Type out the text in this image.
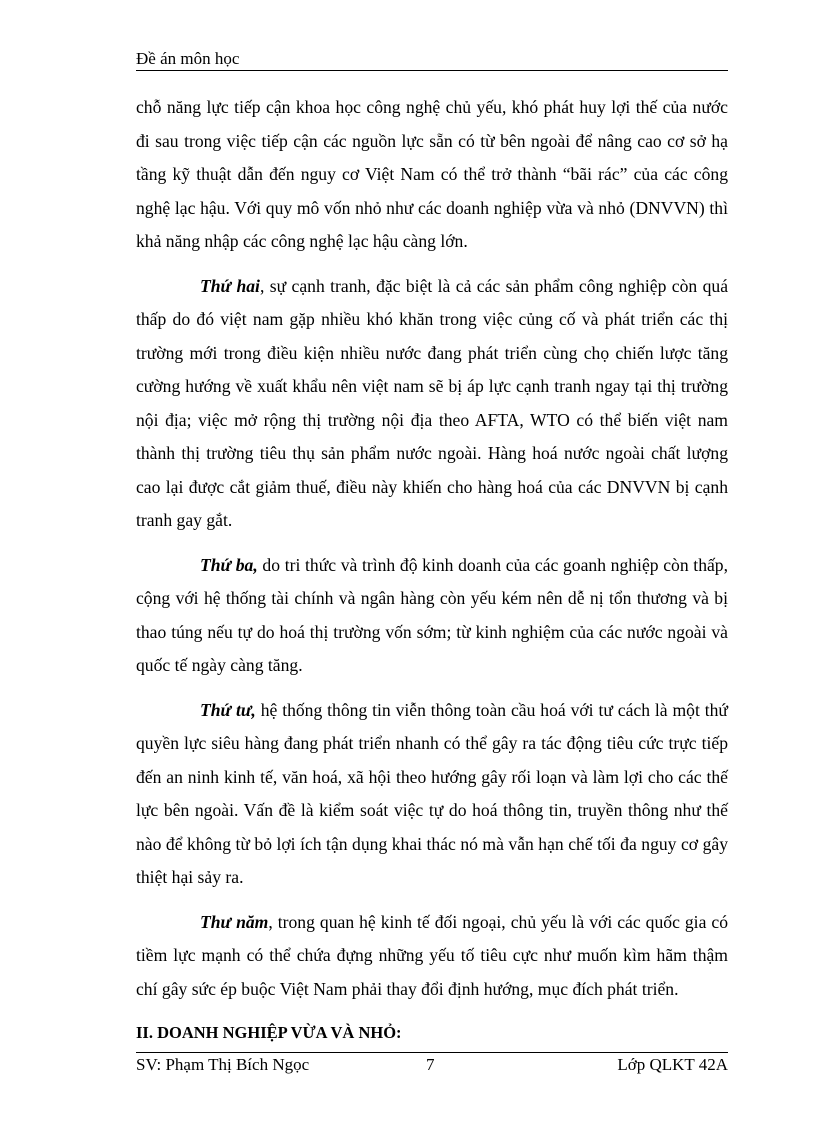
Đề án môn học

chỗ năng lực tiếp cận khoa học công nghệ chủ yếu, khó phát huy lợi thế của nước đi sau trong việc tiếp cận các nguồn lực sẵn có từ bên ngoài để nâng cao cơ sở hạ tầng kỹ thuật dẫn đến nguy cơ Việt Nam có thể trở thành “bãi rác” của các công nghệ lạc hậu. Với quy mô vốn nhỏ như các doanh nghiệp vừa và nhỏ (DNVVN) thì khả năng nhập các công nghệ lạc hậu càng lớn.

Thứ hai, sự cạnh tranh, đặc biệt là cả các sản phẩm công nghiệp còn quá thấp do đó việt nam gặp nhiều khó khăn trong việc củng cố và phát triển các thị trường mới trong điều kiện nhiều nước đang phát triển cùng chọ chiến lược tăng cường hướng về xuất khẩu nên việt nam sẽ bị áp lực cạnh tranh ngay tại thị trường nội địa; việc mở rộng thị trường nội địa theo AFTA, WTO có thể biến việt nam thành thị trường tiêu thụ sản phẩm nước ngoài. Hàng hoá nước ngoài chất lượng cao lại được cắt giảm thuế, điều này khiến cho hàng hoá của các DNVVN bị cạnh tranh gay gắt.

Thứ ba, do tri thức và trình độ kinh doanh của các goanh nghiệp còn thấp, cộng với hệ thống tài chính và ngân hàng còn yếu kém nên dễ nị tổn thương và bị thao túng nếu tự do hoá thị trường vốn sớm; từ kinh nghiệm của các nước ngoài và quốc tế ngày càng tăng.

Thứ tư, hệ thống thông tin viễn thông toàn cầu hoá với tư cách là một thứ quyền lực siêu hàng đang phát triển nhanh có thể gây ra tác động tiêu cức trực tiếp đến an ninh kinh tế, văn hoá, xã hội theo hướng gây rối loạn và làm lợi cho các thế lực bên ngoài. Vấn đề là kiểm soát việc tự do hoá thông tin, truyền thông như thế nào để không từ bỏ lợi ích tận dụng khai thác nó mà vẫn hạn chế tối đa nguy cơ gây thiệt hại sảy ra.

Thư năm, trong quan hệ kinh tế đối ngoại, chủ yếu là với các quốc gia có tiềm lực mạnh có thể chứa đựng những yếu tố tiêu cực như muốn kìm hãm thậm chí gây sức ép buộc Việt Nam phải thay đổi định hướng, mục đích phát triển.

II. DOANH NGHIỆP VỪA VÀ NHỎ:

SV: Phạm Thị Bích Ngọc	7	Lớp QLKT 42A
